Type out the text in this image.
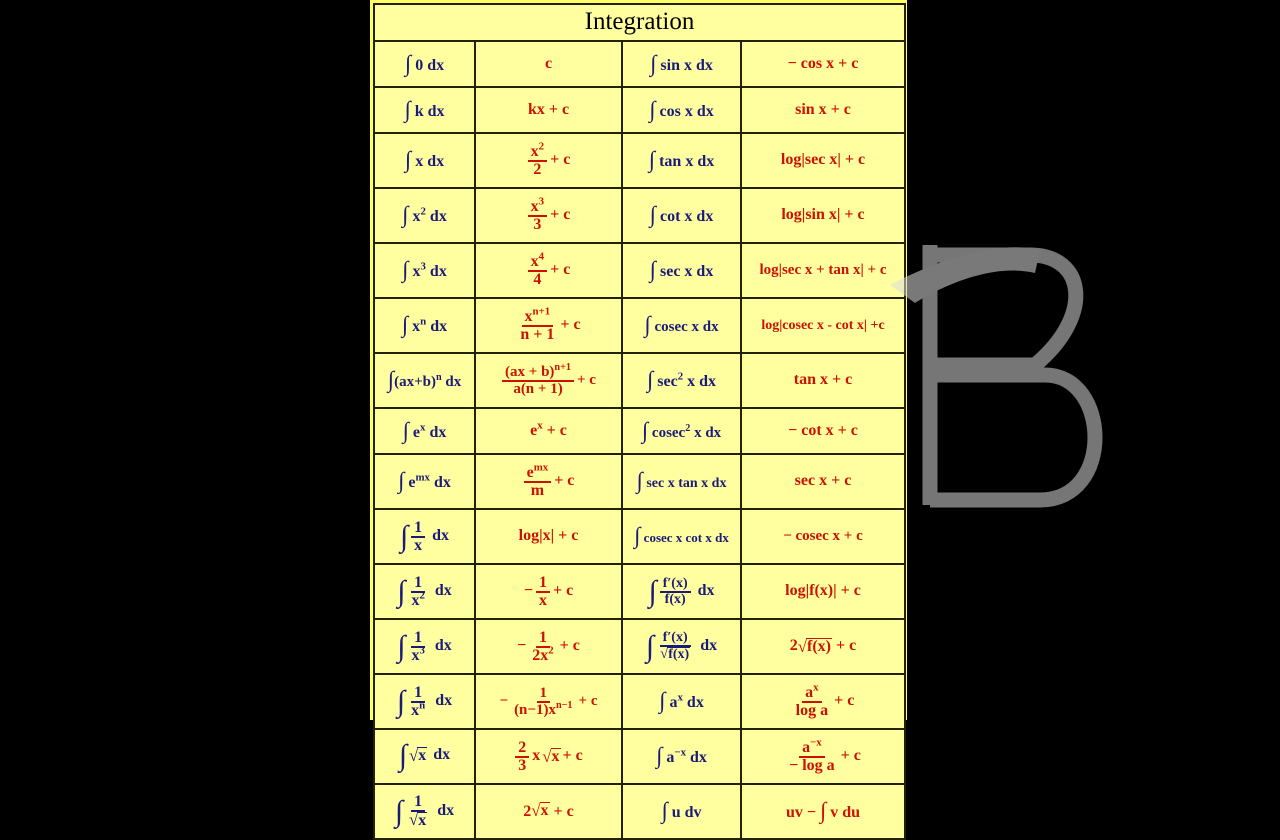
Integration			
∫ 0 dx	c	∫ sin x dx	− cos x + c
∫ k dx	kx + c	∫ cos x dx	sin x + c
∫ x dx	$\frac{x^2}{2} + c$	∫ tan x dx	log|sec x| + c
∫ $x^2$ dx	$\frac{x^3}{3} + c$	∫ cot x dx	log|sin x| + c
∫ $x^3$ dx	$\frac{x^4}{4} + c$	∫ sec x dx	log|sec x + tan x| + c
∫ $x^n$ dx	$\frac{x^{n+1}}{n + 1} + c$	∫ cosec x dx	log|cosec x - cot x| +c
$\int(ax+b)^n$ dx	$\frac{(ax + b)^{n+1}}{a(n + 1)} + c$	∫ $\sec^2 x$ dx	tan x + c
∫ $e^x$ dx	$e^x + c$	∫ cosec$^2$ x dx	− cot x + c
∫ $e^{mx}$ dx	$\frac{e^{mx}}{m} + c$	∫ sec x tan x dx	sec x + c

∫ $\frac{1}{x}$ dx	log|x| + c	∫ cosec x cot x dx	− cosec x + c

∫ $\frac{1}{x^2}$ dx	− $\frac{1}{x} + c$	∫ $\frac{f'(x)}{f(x)}$ dx	log|f(x)| + c

∫ $\frac{1}{x^3}$ dx	− $\frac{1}{2x^2} + c$	∫ $\frac{f'(x)}{√ f(x)}$ dx	2 √ f(x) + c

∫ $\frac{1}{x^n}$ dx	− $\frac{1}{(n-1)x^{n-1}} + c$	∫ $a^x$ dx	$\frac{a^x}{\text{log a}} + c$

∫ √ x dx	$\frac{2}{3}$ x √ x + c	∫ $a^{-x}$ dx	$\frac{a^{-x}}{\text{− log a}} + c$

∫ $\frac{1}{√ x}$ dx	2 √ x + c	∫ u dv	uv − ∫ v du
